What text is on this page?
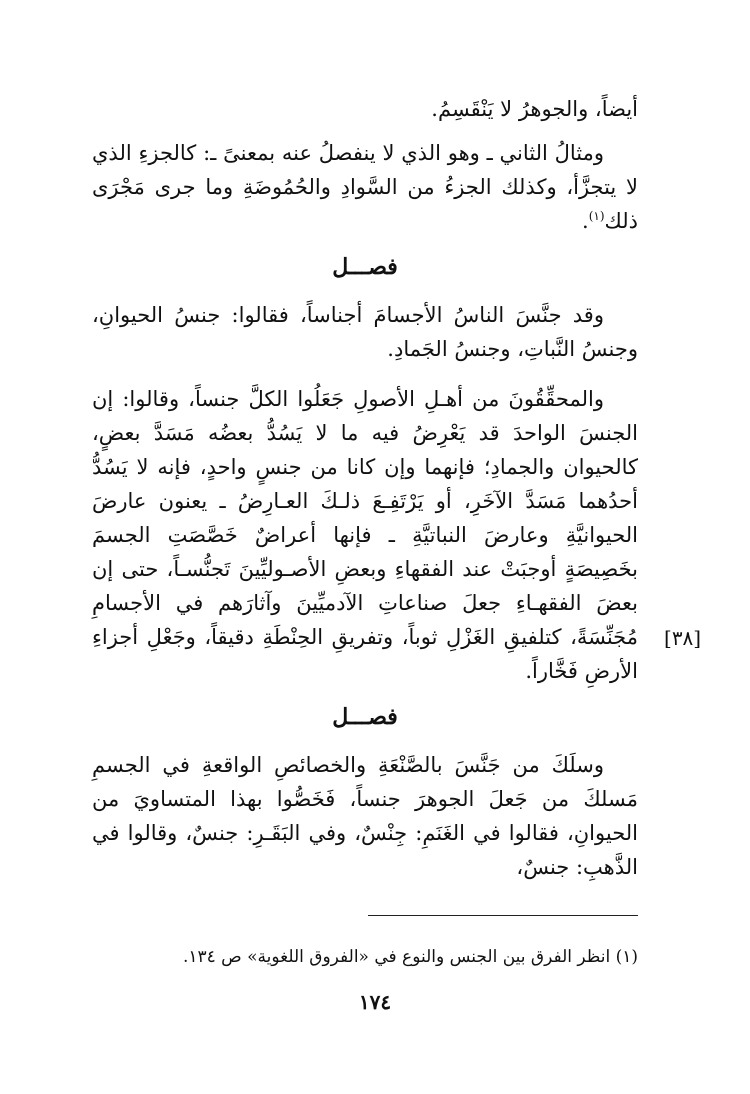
أيضاً، والجوهرُ لا يَنْقَسِمُ.

ومثالُ الثاني ـ وهو الذي لا ينفصلُ عنه بمعنىً ـ: كالجزءِ الذي لا يتجزَّأ، وكذلك الجزءُ من السَّوادِ والحُمُوضَةِ وما جرى مَجْرَى ذلك$^{(١)}$.

فصـــل

وقد جنَّسَ الناسُ الأجسامَ أجناساً، فقالوا: جنسُ الحيوانِ، وجنسُ النَّباتِ، وجنسُ الجَمادِ.

والمحقِّقُونَ من أهـلِ الأصولِ جَعَلُوا الكلَّ جنساً، وقالوا: إن الجنسَ الواحدَ قد يَعْرِضُ فيه ما لا يَسُدُّ بعضُه مَسَدَّ بعضٍ، كالحيوان والجمادِ؛ فإنهما وإن كانا من جنسٍ واحدٍ، فإنه لا يَسُدُّ أحدُهما مَسَدَّ الآخَرِ، أو يَرْتَفِـعَ ذلـكَ العـارِضُ ـ يعنون عارضَ الحيوانيَّةِ وعارضَ النباتيَّةِ ـ فإنها أعراضٌ خَصَّصَتِ الجسمَ بخَصِيصَةٍ أوجبَتْ عند الفقهاءِ وبعضِ الأصـوليِّينَ تَجنُّسـاً، حتى إن بعضَ الفقهـاءِ جعلَ صناعاتِ الآدميِّينَ وآثارَهم في الأجسامِ مُجَنِّسَةً، كتلفيقِ الغَزْلِ ثوباً، وتفريقِ الحِنْطَةِ دقيقاً، وجَعْلِ أجزاءِ الأرضِ فَخَّاراً.

فصـــل

وسلَكَ من جَنَّسَ بالصَّنْعَةِ والخصائصِ الواقعةِ في الجسمِ مَسلكَ من جَعلَ الجوهرَ جنساً، فَخَصُّوا بهذا المتساويَ من الحيوانِ، فقالوا في الغَنَمِ: جِنْسٌ، وفي البَقَـرِ: جنسٌ، وقالوا في الذَّهبِ: جنسٌ،

[٣٨]
(١) انظر الفرق بين الجنس والنوع في «الفروق اللغوية» ص ١٣٤.
١٧٤
